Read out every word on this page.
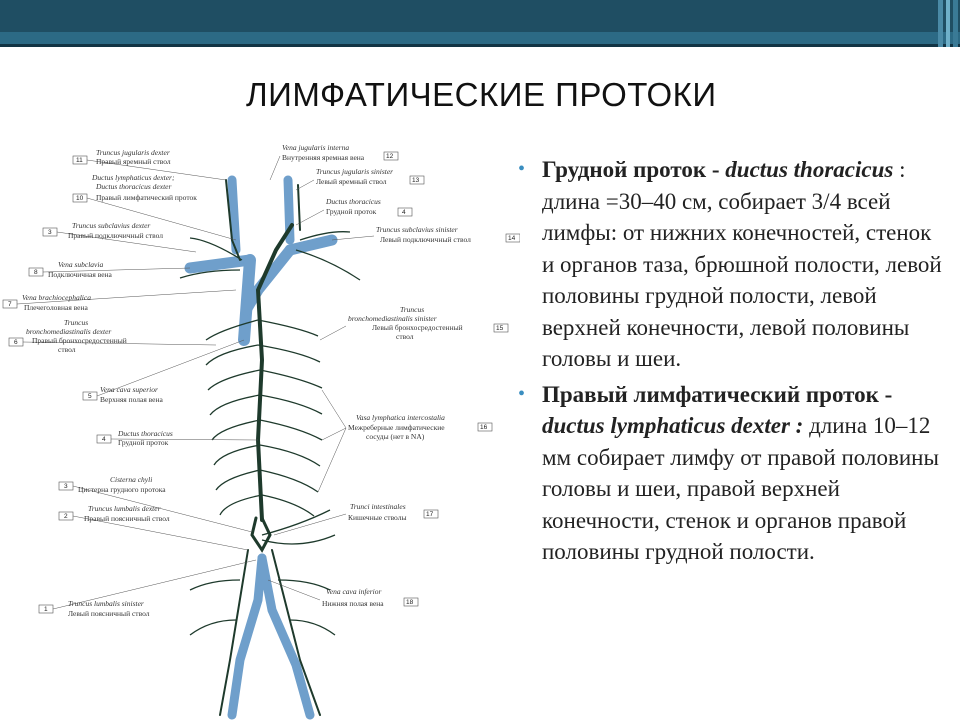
ЛИМФАТИЧЕСКИЕ ПРОТОКИ
11
Truncus jugularis dexter
Правый яремный ствол
10
Ductus lymphaticus dexter;
Ductus thoracicus dexter
Правый лимфатический проток
3
Truncus subclavius dexter
Правый подключичный ствол
8
Vena subclavia
Подключичная вена
7
Vena brachiocephalica
Плечеголовная вена
6
Truncus
bronchomediastinalis dexter
Правый бронхосредостенный
ствол
5
Vena cava superior
Верхняя полая вена
4
Ductus thoracicus
Грудной проток
3
Cisterna chyli
Цистерна грудного протока
2
Truncus lumbalis dexter
Правый поясничный ствол
1
Truncus lumbalis sinister
Левый поясничный ствол
Vena jugularis interna
Внутренняя яремная вена	12
Truncus jugularis sinister
Левый яремный ствол	13
Ductus thoracicus
Грудной проток	4
Truncus subclavius sinister
Левый подключичный ствол	14
Truncus
bronchomediastinalis sinister
Левый бронхосредостенный
ствол
15
Vasa lymphatica intercostalia
Межреберные лимфатические
сосуды (нет в NA)
16
Trunci intestinales
Кишечные стволы	17
Vena cava inferior
Нижняя полая вена	18
• Грудной проток - ductus thoracicus : длина =30–40 см, собирает 3/4 всей лимфы: от нижних конечностей, стенок и органов таза, брюшной полости, левой половины грудной полости, левой верхней конечности, левой половины головы и шеи.
• Правый лимфатический проток - ductus lymphaticus dexter : длина 10–12 мм собирает лимфу от правой половины головы и шеи, правой верхней конечности, стенок и органов правой половины грудной полости.
